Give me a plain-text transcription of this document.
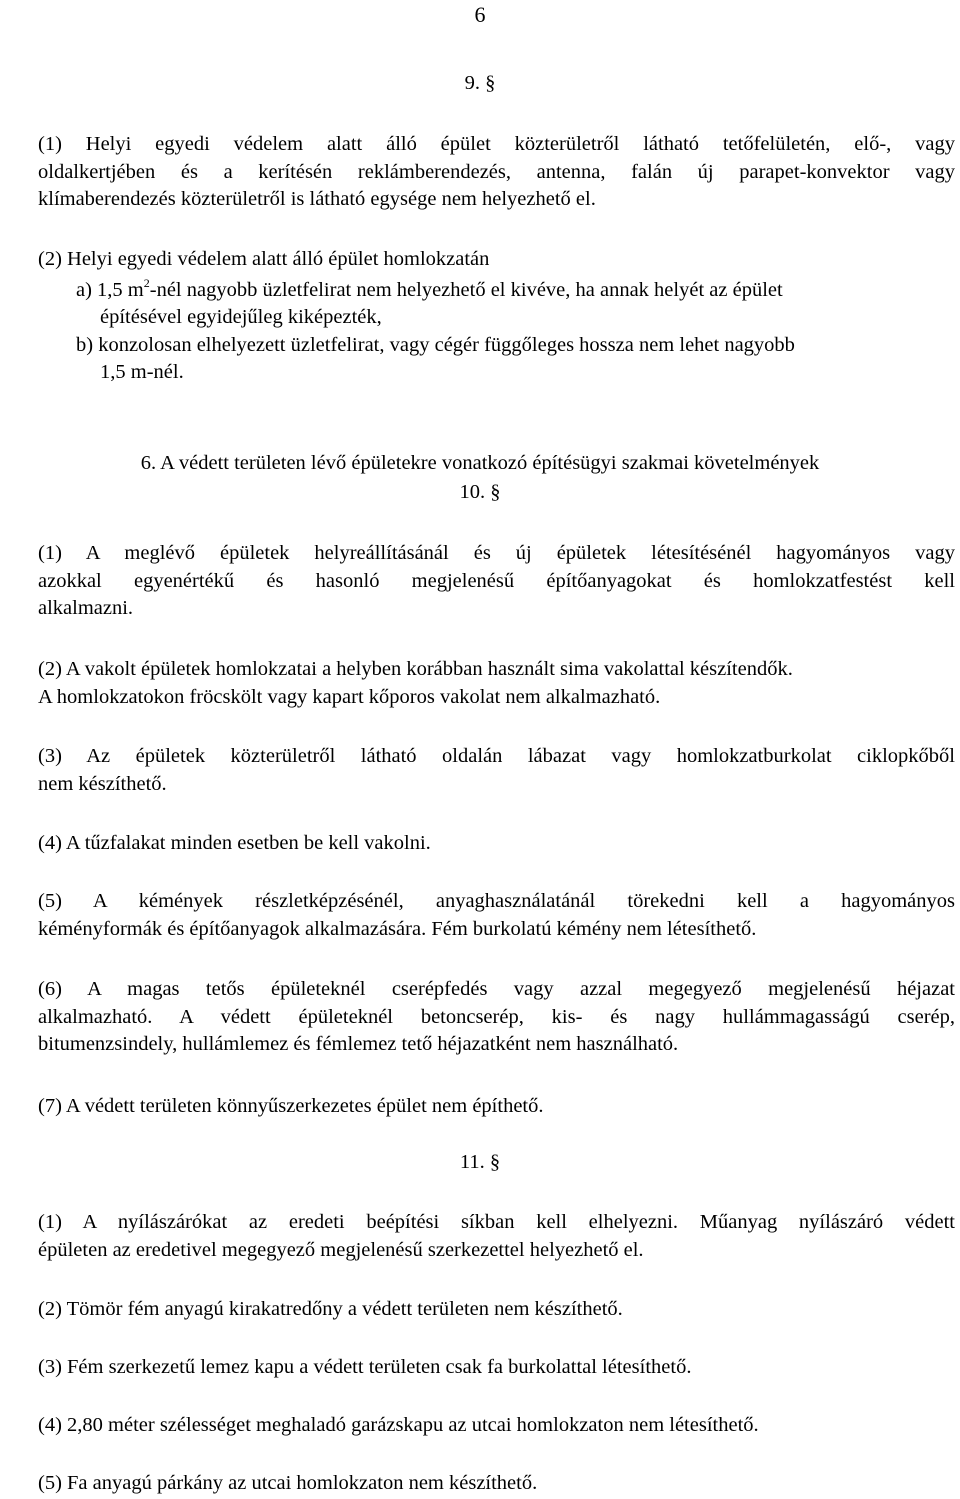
6
9. §
(1) Helyi egyedi védelem alatt álló épület közterületről látható tetőfelületén, elő-, vagy
oldalkertjében és a kerítésén reklámberendezés, antenna, falán új parapet-konvektor vagy
klímaberendezés közterületről is látható egysége nem helyezhető el.
(2) Helyi egyedi védelem alatt álló épület homlokzatán
a) 1,5 $m^2$-nél nagyobb üzletfelirat nem helyezhető el kivéve, ha annak helyét az épület
építésével egyidejűleg kiképezték,
b) konzolosan elhelyezett üzletfelirat, vagy cégér függőleges hossza nem lehet nagyobb
1,5 m-nél.
6. A védett területen lévő épületekre vonatkozó építésügyi szakmai követelmények
10. §
(1) A meglévő épületek helyreállításánál és új épületek létesítésénél hagyományos vagy
azokkal egyenértékű és hasonló megjelenésű építőanyagokat és homlokzatfestést kell
alkalmazni.
(2) A vakolt épületek homlokzatai a helyben korábban használt sima vakolattal készítendők.
A homlokzatokon fröcskölt vagy kapart kőporos vakolat nem alkalmazható.
(3) Az épületek közterületről látható oldalán lábazat vagy homlokzatburkolat ciklopkőből
nem készíthető.
(4) A tűzfalakat minden esetben be kell vakolni.
(5) A kémények részletképzésénél, anyaghasználatánál törekedni kell a hagyományos
kéményformák és építőanyagok alkalmazására. Fém burkolatú kémény nem létesíthető.
(6) A magas tetős épületeknél cserépfedés vagy azzal megegyező megjelenésű héjazat
alkalmazható. A védett épületeknél betoncserép, kis- és nagy hullámmagasságú cserép,
bitumenzsindely, hullámlemez és fémlemez tető héjazatként nem használható.
(7) A védett területen könnyűszerkezetes épület nem építhető.
11. §
(1) A nyílászárókat az eredeti beépítési síkban kell elhelyezni. Műanyag nyílászáró védett
épületen az eredetivel megegyező megjelenésű szerkezettel helyezhető el.
(2) Tömör fém anyagú kirakatredőny a védett területen nem készíthető.
(3) Fém szerkezetű lemez kapu a védett területen csak fa burkolattal létesíthető.
(4) 2,80 méter szélességet meghaladó garázskapu az utcai homlokzaton nem létesíthető.
(5) Fa anyagú párkány az utcai homlokzaton nem készíthető.
